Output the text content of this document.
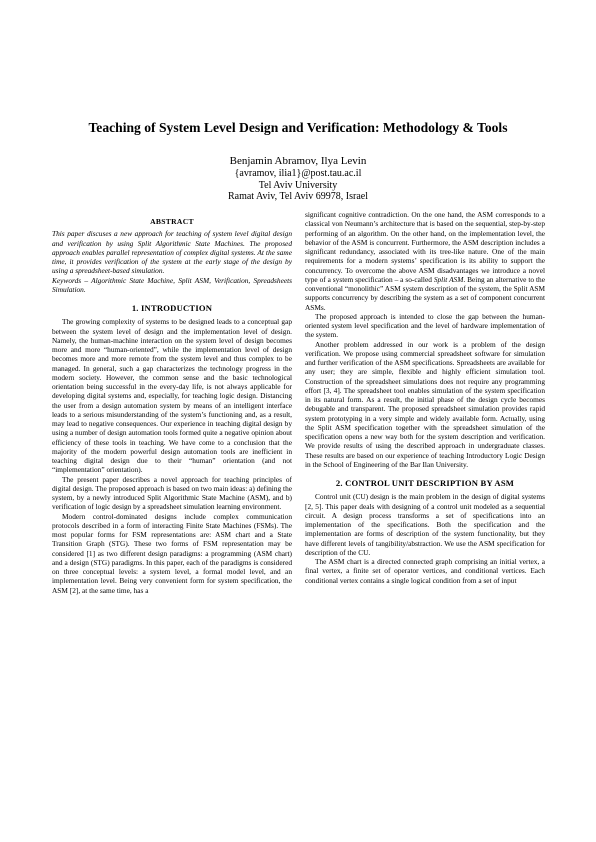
Teaching of System Level Design and Verification: Methodology & Tools
Benjamin Abramov, Ilya Levin
{avramov, ilia1}@post.tau.ac.il
Tel Aviv University
Ramat Aviv, Tel Aviv 69978, Israel
ABSTRACT

This paper discuses a new approach for teaching of system level digital design and verification by using Split Algorithmic State Machines. The proposed approach enables parallel representation of complex digital systems. At the same time, it provides verification of the system at the early stage of the design by using a spreadsheet-based simulation.

Keywords – Algorithmic State Machine, Split ASM, Verification, Spreadsheets Simulation.

1. INTRODUCTION

The growing complexity of systems to be designed leads to a conceptual gap between the system level of design and the implementation level of design. Namely, the human-machine interaction on the system level of design becomes more and more “human-oriented”, while the implementation level of design becomes more and more remote from the system level and thus complex to be managed. In general, such a gap characterizes the technology progress in the modern society. However, the common sense and the basic technological orientation being successful in the every-day life, is not always applicable for developing digital systems and, especially, for teaching logic design. Distancing the user from a design automation system by means of an intelligent interface leads to a serious misunderstanding of the system’s functioning and, as a result, may lead to negative consequences. Our experience in teaching digital design by using a number of design automation tools formed quite a negative opinion about efficiency of these tools in teaching. We have come to a conclusion that the majority of the modern powerful design automation tools are inefficient in teaching digital design due to their “human” orientation (and not “implementation” orientation).

The present paper describes a novel approach for teaching principles of digital design. The proposed approach is based on two main ideas: a) defining the system, by a newly introduced Split Algorithmic State Machine (ASM), and b) verification of logic design by a spreadsheet simulation learning environment.

Modern control-dominated designs include complex communication protocols described in a form of interacting Finite State Machines (FSMs). The most popular forms for FSM representations are: ASM chart and a State Transition Graph (STG). These two forms of FSM representation may be considered [1] as two different design paradigms: a programming (ASM chart) and a design (STG) paradigms. In this paper, each of the paradigms is considered on three conceptual levels: a system level, a formal model level, and an implementation level. Being very convenient form for system specification, the ASM [2], at the same time, has a

significant cognitive contradiction. On the one hand, the ASM corresponds to a classical von Neumann’s architecture that is based on the sequential, step-by-step performing of an algorithm. On the other hand, on the implementation level, the behavior of the ASM is concurrent. Furthermore, the ASM description includes a significant redundancy, associated with its tree-like nature. One of the main requirements for a modern systems’ specification is its ability to support the concurrency. To overcome the above ASM disadvantages we introduce a novel type of a system specification – a so-called Split ASM. Being an alternative to the conventional “monolithic” ASM system description of the system, the Split ASM supports concurrency by describing the system as a set of component concurrent ASMs.

The proposed approach is intended to close the gap between the human-oriented system level specification and the level of hardware implementation of the system.

Another problem addressed in our work is a problem of the design verification. We propose using commercial spreadsheet software for simulation and further verification of the ASM specifications. Spreadsheets are available for any user; they are simple, flexible and highly efficient simulation tool. Construction of the spreadsheet simulations does not require any programming effort [3, 4]. The spreadsheet tool enables simulation of the system specification in its natural form. As a result, the initial phase of the design cycle becomes debugable and transparent. The proposed spreadsheet simulation provides rapid system prototyping in a very simple and widely available form. Actually, using the Split ASM specification together with the spreadsheet simulation of the specification opens a new way both for the system description and verification. We provide results of using the described approach in undergraduate classes. These results are based on our experience of teaching Introductory Logic Design in the School of Engineering of the Bar Ilan University.

2. CONTROL UNIT DESCRIPTION BY ASM

Control unit (CU) design is the main problem in the design of digital systems [2, 5]. This paper deals with designing of a control unit modeled as a sequential circuit. A design process transforms a set of specifications into an implementation of the specifications. Both the specification and the implementation are forms of description of the system functionality, but they have different levels of tangibility/abstraction. We use the ASM specification for description of the CU.

The ASM chart is a directed connected graph comprising an initial vertex, a final vertex, a finite set of operator vertices, and conditional vertices. Each conditional vertex contains a single logical condition from a set of input
